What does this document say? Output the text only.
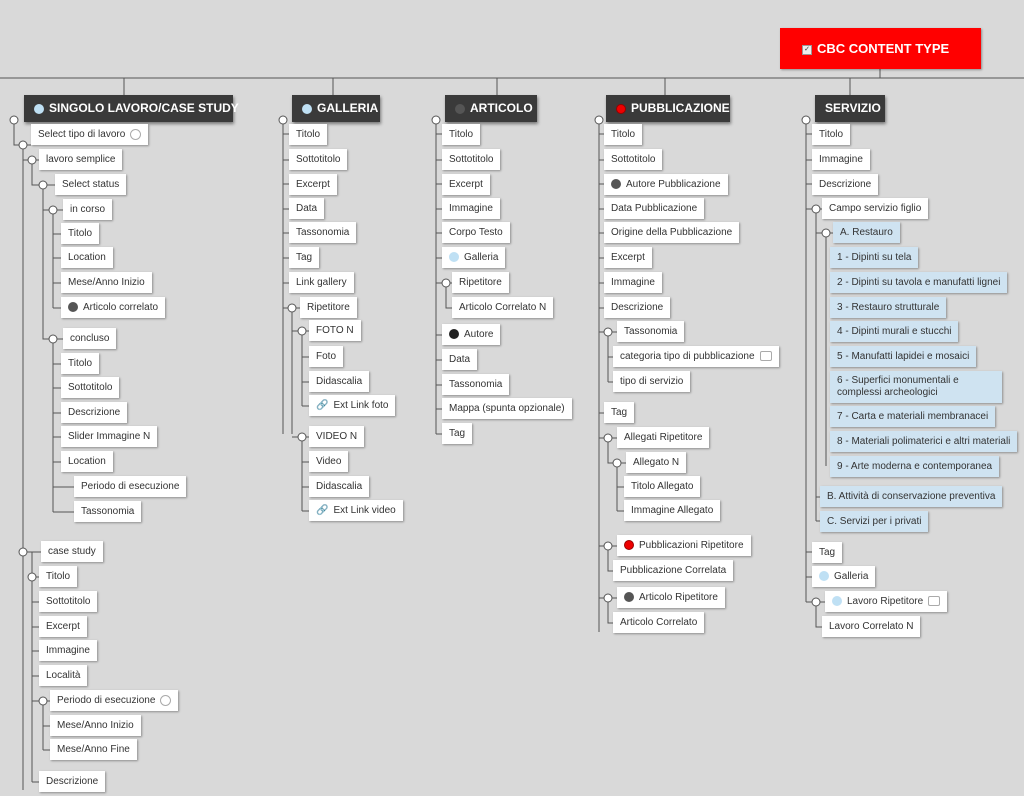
✓ CBC CONTENT TYPE
SINGOLO LAVORO/CASE STUDY
Select tipo di lavoro
lavoro semplice
Select status
in corso
Titolo
Location
Mese/Anno Inizio
Articolo correlato
concluso
Titolo
Sottotitolo
Descrizione
Slider Immagine N
Location
Periodo di esecuzione
Tassonomia
case study
Titolo
Sottotitolo
Excerpt
Immagine
Località
Periodo di esecuzione
Mese/Anno Inizio
Mese/Anno Fine
Descrizione
GALLERIA
Titolo
Sottotitolo
Excerpt
Data
Tassonomia
Tag
Link gallery
Ripetitore
FOTO N
Foto
Didascalia
🔗 Ext Link foto
VIDEO N
Video
Didascalia
🔗 Ext Link video
ARTICOLO
Titolo
Sottotitolo
Excerpt
Immagine
Corpo Testo
Galleria
Ripetitore
Articolo Correlato N
Autore
Data
Tassonomia
Mappa (spunta opzionale)
Tag
PUBBLICAZIONE
Titolo
Sottotitolo
Autore Pubblicazione
Data Pubblicazione
Origine della Pubblicazione
Excerpt
Immagine
Descrizione
Tassonomia
categoria tipo di pubblicazione
tipo di servizio
Tag
Allegati Ripetitore
Allegato N
Titolo Allegato
Immagine Allegato
Pubblicazioni Ripetitore
Pubblicazione Correlata
Articolo Ripetitore
Articolo Correlato
SERVIZIO
Titolo
Immagine
Descrizione
Campo servizio figlio
A. Restauro
1 - Dipinti su tela
2 - Dipinti su tavola e manufatti lignei
3 - Restauro strutturale
4 - Dipinti murali e stucchi
5 - Manufatti lapidei e mosaici
6 - Superfici monumentali e complessi archeologici
7 - Carta e materiali membranacei
8 - Materiali polimaterici e altri materiali
9 - Arte moderna e contemporanea
B. Attività di conservazione preventiva
C. Servizi per i privati
Tag
Galleria
Lavoro Ripetitore
Lavoro Correlato N
